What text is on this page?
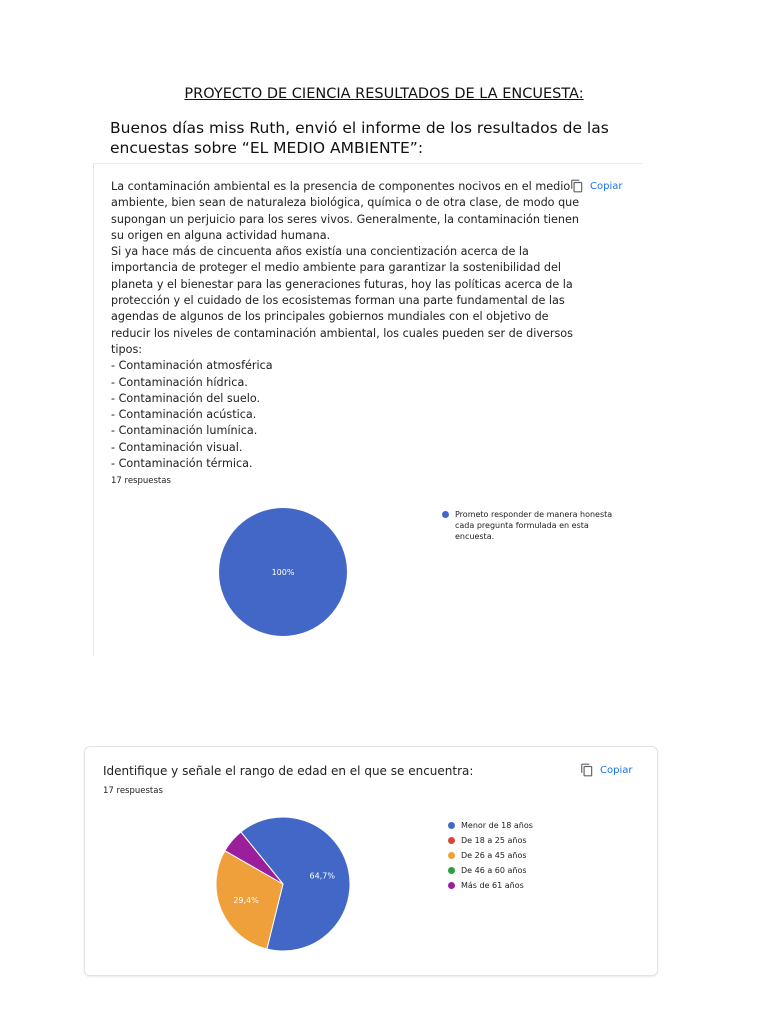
PROYECTO DE CIENCIA RESULTADOS DE LA ENCUESTA:
Buenos días miss Ruth, envió el informe de los resultados de las encuestas sobre “EL MEDIO AMBIENTE”:
La contaminación ambiental es la presencia de componentes nocivos en el medio
ambiente, bien sean de naturaleza biológica, química o de otra clase, de modo que
supongan un perjuicio para los seres vivos. Generalmente, la contaminación tienen
su origen en alguna actividad humana.
Si ya hace más de cincuenta años existía una concientización acerca de la
importancia de proteger el medio ambiente para garantizar la sostenibilidad del
planeta y el bienestar para las generaciones futuras, hoy las políticas acerca de la
protección y el cuidado de los ecosistemas forman una parte fundamental de las
agendas de algunos de los principales gobiernos mundiales con el objetivo de
reducir los niveles de contaminación ambiental, los cuales pueden ser de diversos
tipos:
- Contaminación atmosférica
- Contaminación hídrica.
- Contaminación del suelo.
- Contaminación acústica.
- Contaminación lumínica.
- Contaminación visual.
- Contaminación térmica.
Copiar
17 respuestas
100%
Prometo responder de manera honesta cada pregunta formulada en esta encuesta.
Identifique y señale el rango de edad en el que se encuentra:	Copiar
17 respuestas
64,7%
29,4%
Menor de 18 años
De 18 a 25 años
De 26 a 45 años
De 46 a 60 años
Más de 61 años
